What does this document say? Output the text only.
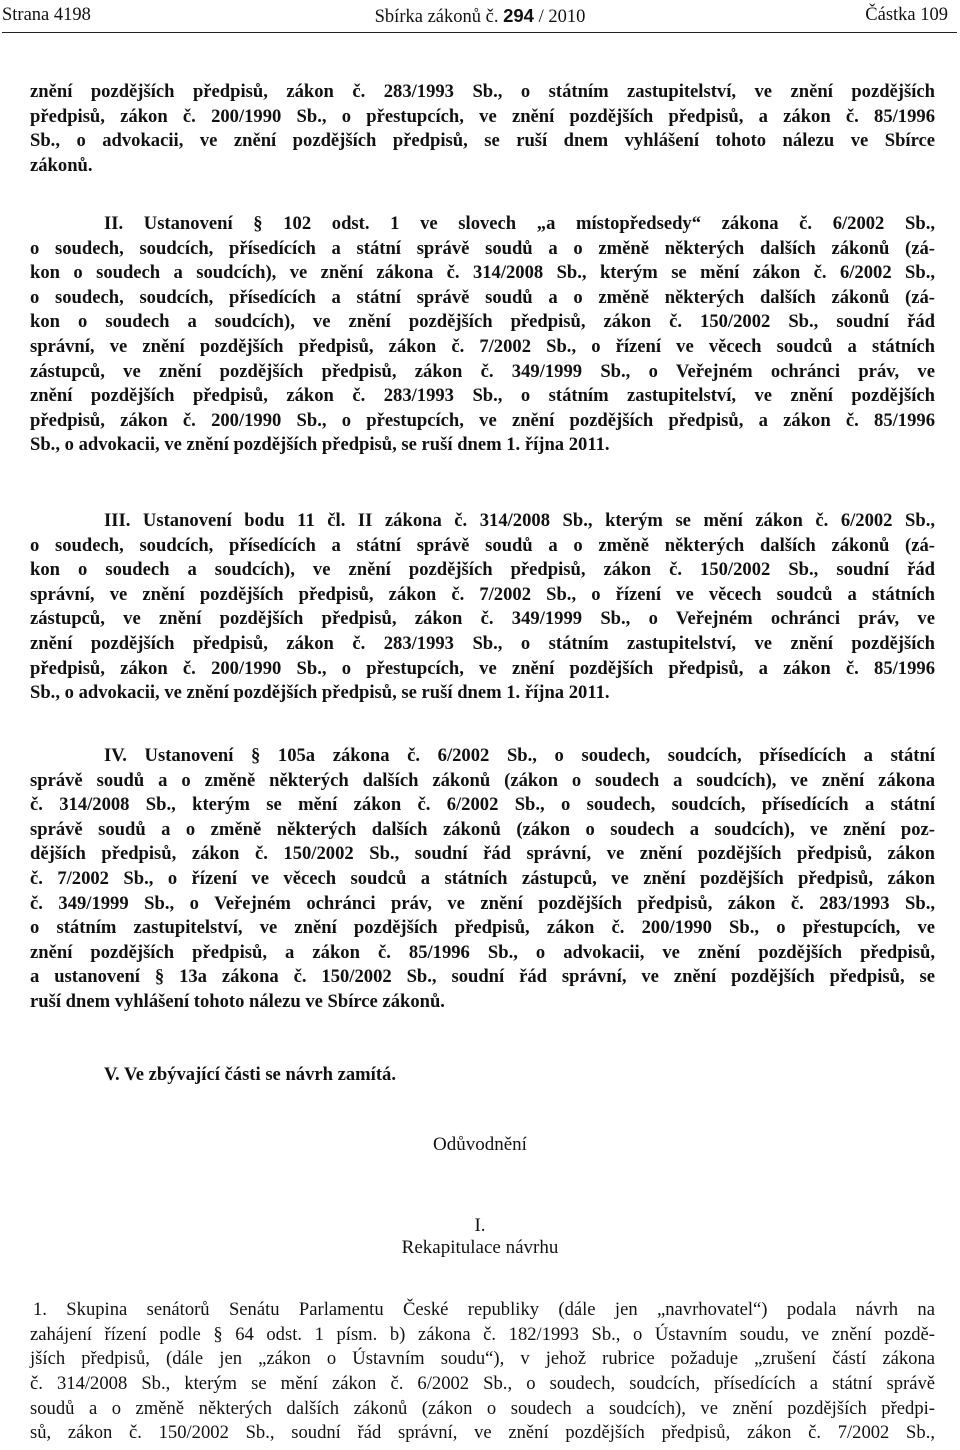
Strana 4198	Sbírka zákonů č. 294 / 2010	Částka 109
znění pozdějších předpisů, zákon č. 283/1993 Sb., o státním zastupitelství, ve znění pozdějších
předpisů, zákon č. 200/1990 Sb., o přestupcích, ve znění pozdějších předpisů, a zákon č. 85/1996
Sb., o advokacii, ve znění pozdějších předpisů, se ruší dnem vyhlášení tohoto nálezu ve Sbírce
zákonů.
II. Ustanovení § 102 odst. 1 ve slovech „a místopředsedy“ zákona č. 6/2002 Sb.,
o soudech, soudcích, přísedících a státní správě soudů a o změně některých dalších zákonů (zá-
kon o soudech a soudcích), ve znění zákona č. 314/2008 Sb., kterým se mění zákon č. 6/2002 Sb.,
o soudech, soudcích, přísedících a státní správě soudů a o změně některých dalších zákonů (zá-
kon o soudech a soudcích), ve znění pozdějších předpisů, zákon č. 150/2002 Sb., soudní řád
správní, ve znění pozdějších předpisů, zákon č. 7/2002 Sb., o řízení ve věcech soudců a státních
zástupců, ve znění pozdějších předpisů, zákon č. 349/1999 Sb., o Veřejném ochránci práv, ve
znění pozdějších předpisů, zákon č. 283/1993 Sb., o státním zastupitelství, ve znění pozdějších
předpisů, zákon č. 200/1990 Sb., o přestupcích, ve znění pozdějších předpisů, a zákon č. 85/1996
Sb., o advokacii, ve znění pozdějších předpisů, se ruší dnem 1. října 2011.
III. Ustanovení bodu 11 čl. II zákona č. 314/2008 Sb., kterým se mění zákon č. 6/2002 Sb.,
o soudech, soudcích, přísedících a státní správě soudů a o změně některých dalších zákonů (zá-
kon o soudech a soudcích), ve znění pozdějších předpisů, zákon č. 150/2002 Sb., soudní řád
správní, ve znění pozdějších předpisů, zákon č. 7/2002 Sb., o řízení ve věcech soudců a státních
zástupců, ve znění pozdějších předpisů, zákon č. 349/1999 Sb., o Veřejném ochránci práv, ve
znění pozdějších předpisů, zákon č. 283/1993 Sb., o státním zastupitelství, ve znění pozdějších
předpisů, zákon č. 200/1990 Sb., o přestupcích, ve znění pozdějších předpisů, a zákon č. 85/1996
Sb., o advokacii, ve znění pozdějších předpisů, se ruší dnem 1. října 2011.
IV. Ustanovení § 105a zákona č. 6/2002 Sb., o soudech, soudcích, přísedících a státní
správě soudů a o změně některých dalších zákonů (zákon o soudech a soudcích), ve znění zákona
č. 314/2008 Sb., kterým se mění zákon č. 6/2002 Sb., o soudech, soudcích, přísedících a státní
správě soudů a o změně některých dalších zákonů (zákon o soudech a soudcích), ve znění poz-
dějších předpisů, zákon č. 150/2002 Sb., soudní řád správní, ve znění pozdějších předpisů, zákon
č. 7/2002 Sb., o řízení ve věcech soudců a státních zástupců, ve znění pozdějších předpisů, zákon
č. 349/1999 Sb., o Veřejném ochránci práv, ve znění pozdějších předpisů, zákon č. 283/1993 Sb.,
o státním zastupitelství, ve znění pozdějších předpisů, zákon č. 200/1990 Sb., o přestupcích, ve
znění pozdějších předpisů, a zákon č. 85/1996 Sb., o advokacii, ve znění pozdějších předpisů,
a ustanovení § 13a zákona č. 150/2002 Sb., soudní řád správní, ve znění pozdějších předpisů, se
ruší dnem vyhlášení tohoto nálezu ve Sbírce zákonů.
V. Ve zbývající části se návrh zamítá.
Odůvodnění
I.
Rekapitulace návrhu
1. Skupina senátorů Senátu Parlamentu České republiky (dále jen „navrhovatel“) podala návrh na
zahájení řízení podle § 64 odst. 1 písm. b) zákona č. 182/1993 Sb., o Ústavním soudu, ve znění pozdě-
jších předpisů, (dále jen „zákon o Ústavním soudu“), v jehož rubrice požaduje „zrušení částí zákona
č. 314/2008 Sb., kterým se mění zákon č. 6/2002 Sb., o soudech, soudcích, přísedících a státní správě
soudů a o změně některých dalších zákonů (zákon o soudech a soudcích), ve znění pozdějších předpi-
sů, zákon č. 150/2002 Sb., soudní řád správní, ve znění pozdějších předpisů, zákon č. 7/2002 Sb.,
